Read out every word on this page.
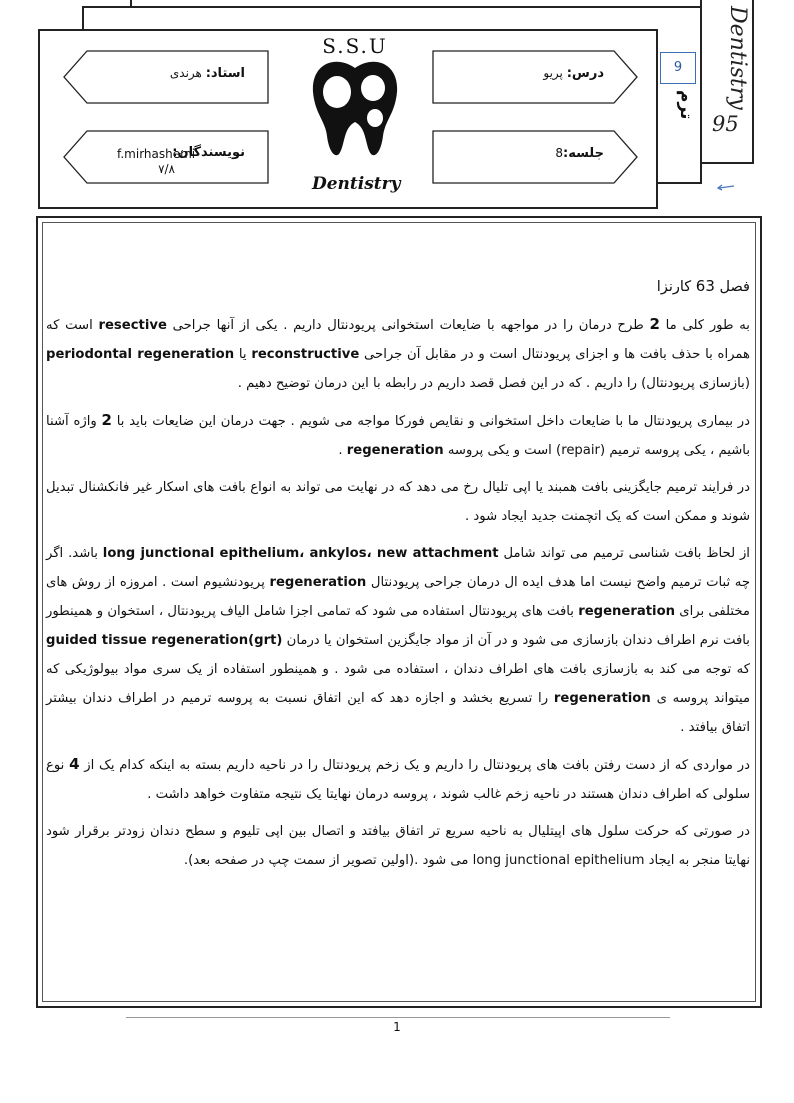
Dentistry
95
9
ترم
استاد: هرندی	درس: پریو
نویسندگان:
f.mirhashemi
٧/٨
جلسه:8
S.S.U
Dentistry
فصل 63 کارنزا

به طور کلی ما 2 طرح درمان را در مواجهه با ضایعات استخوانی پریودنتال داریم . یکی از آنها جراحی resective است که همراه با حذف بافت ها و اجزای پریودنتال است و در مقابل آن جراحی reconstructive یا periodontal regeneration (بازسازی پریودنتال) را داریم . که در این فصل قصد داریم در رابطه با این درمان توضیح دهیم .

در بیماری پریودنتال ما با ضایعات داخل استخوانی و نقایص فورکا مواجه می شویم . جهت درمان این ضایعات باید با 2 واژه آشنا باشیم ، یکی پروسه ترمیم (repair) است و یکی پروسه regeneration .

در فرایند ترمیم جایگزینی بافت همبند یا اپی تلیال رخ می دهد که در نهایت می تواند به انواع بافت های اسکار غیر فانکشنال تبدیل شوند و ممکن است که یک اتچمنت جدید ایجاد شود .

از لحاظ بافت شناسی ترمیم می تواند شامل long junctional epithelium، ankylos، new attachment باشد. اگر چه ثبات ترمیم واضح نیست اما هدف ایده ال درمان جراحی پریودنتال regeneration پریودنشیوم است . امروزه از روش های مختلفی برای regeneration بافت های پریودنتال استفاده می شود که تمامی اجزا شامل الیاف پریودنتال ، استخوان و همینطور بافت نرم اطراف دندان بازسازی می شود و در آن از مواد جایگزین استخوان یا درمان guided tissue regeneration(grt) که توجه می کند به بازسازی بافت های اطراف دندان ، استفاده می شود . و همینطور استفاده از یک سری مواد بیولوژیکی که میتواند پروسه ی regeneration را تسریع بخشد و اجازه دهد که این اتفاق نسبت به پروسه ترمیم در اطراف دندان بیشتر اتفاق بیافتد .

در مواردی که از دست رفتن بافت های پریودنتال را داریم و یک زخم پریودنتال را در ناحیه داریم بسته به اینکه کدام یک از 4 نوع سلولی که اطراف دندان هستند در ناحیه زخم غالب شوند ، پروسه درمان نهایتا یک نتیجه متفاوت خواهد داشت .

در صورتی که حرکت سلول های اپیتلیال به ناحیه سریع تر اتفاق بیافتد و اتصال بین اپی تلیوم و سطح دندان زودتر برقرار شود نهایتا منجر به ایجاد long junctional epithelium می شود .(اولین تصویر از سمت چپ در صفحه بعد).

1
